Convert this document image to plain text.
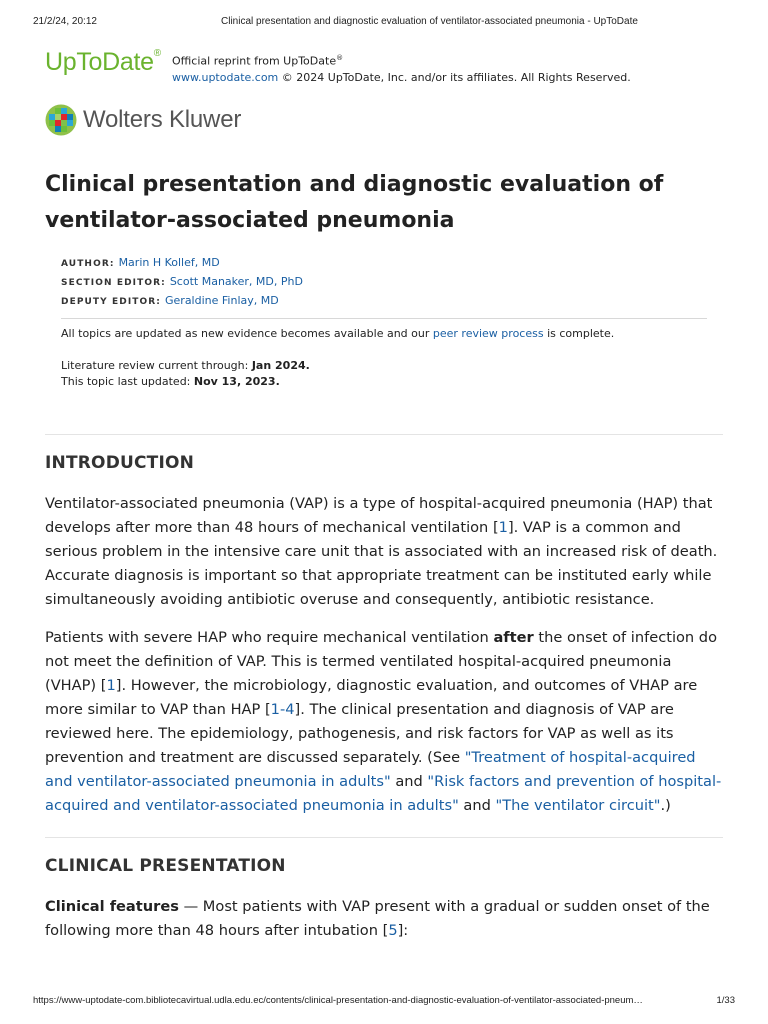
21/2/24, 20:12	Clinical presentation and diagnostic evaluation of ventilator-associated pneumonia - UpToDate
UpToDate®
Official reprint from UpToDate®
www.uptodate.com © 2024 UpToDate, Inc. and/or its affiliates. All Rights Reserved.
Wolters Kluwer
Clinical presentation and diagnostic evaluation of ventilator-associated pneumonia
AUTHOR: Marin H Kollef, MD
SECTION EDITOR: Scott Manaker, MD, PhD
DEPUTY EDITOR: Geraldine Finlay, MD
All topics are updated as new evidence becomes available and our peer review process is complete.
Literature review current through: Jan 2024.
This topic last updated: Nov 13, 2023.
INTRODUCTION

Ventilator-associated pneumonia (VAP) is a type of hospital-acquired pneumonia (HAP) that develops after more than 48 hours of mechanical ventilation [1]. VAP is a common and serious problem in the intensive care unit that is associated with an increased risk of death. Accurate diagnosis is important so that appropriate treatment can be instituted early while simultaneously avoiding antibiotic overuse and consequently, antibiotic resistance.

Patients with severe HAP who require mechanical ventilation after the onset of infection do not meet the definition of VAP. This is termed ventilated hospital-acquired pneumonia (VHAP) [1]. However, the microbiology, diagnostic evaluation, and outcomes of VHAP are more similar to VAP than HAP [1-4]. The clinical presentation and diagnosis of VAP are reviewed here. The epidemiology, pathogenesis, and risk factors for VAP as well as its prevention and treatment are discussed separately. (See "Treatment of hospital-acquired and ventilator-associated pneumonia in adults" and "Risk factors and prevention of hospital-acquired and ventilator-associated pneumonia in adults" and "The ventilator circuit".)

CLINICAL PRESENTATION

Clinical features — Most patients with VAP present with a gradual or sudden onset of the following more than 48 hours after intubation [5]:

https://www-uptodate-com.bibliotecavirtual.udla.edu.ec/contents/clinical-presentation-and-diagnostic-evaluation-of-ventilator-associated-pneum…	1/33
